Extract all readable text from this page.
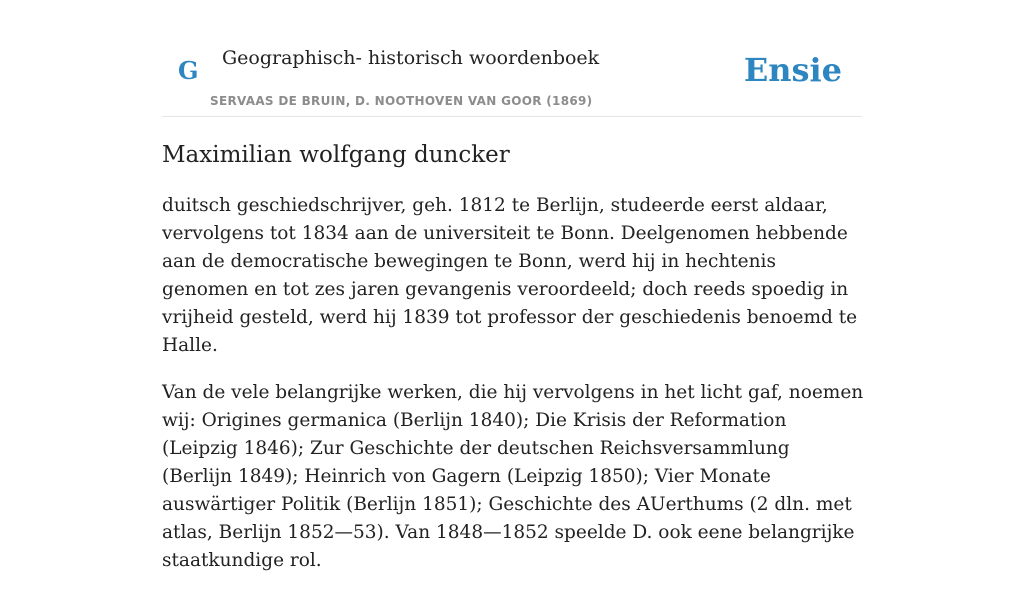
G Geographisch- historisch woordenboek
SERVAAS DE BRUIN, D. NOOTHOVEN VAN GOOR (1869)
Ensie
Maximilian wolfgang duncker

duitsch geschiedschrijver, geh. 1812 te Berlijn, studeerde eerst aldaar, vervolgens tot 1834 aan de universiteit te Bonn. Deelgenomen hebbende aan de democratische bewegingen te Bonn, werd hij in hechtenis genomen en tot zes jaren gevangenis veroordeeld; doch reeds spoedig in vrijheid gesteld, werd hij 1839 tot professor der geschiedenis benoemd te Halle.

Van de vele belangrijke werken, die hij vervolgens in het licht gaf, noemen wij: Origines germanica (Berlijn 1840); Die Krisis der Reformation (Leipzig 1846); Zur Geschichte der deutschen Reichsversammlung (Berlijn 1849); Heinrich von Gagern (Leipzig 1850); Vier Monate auswärtiger Politik (Berlijn 1851); Geschichte des AUerthums (2 dln. met atlas, Berlijn 1852—53). Van 1848—1852 speelde D. ook eene belangrijke staatkundige rol.
